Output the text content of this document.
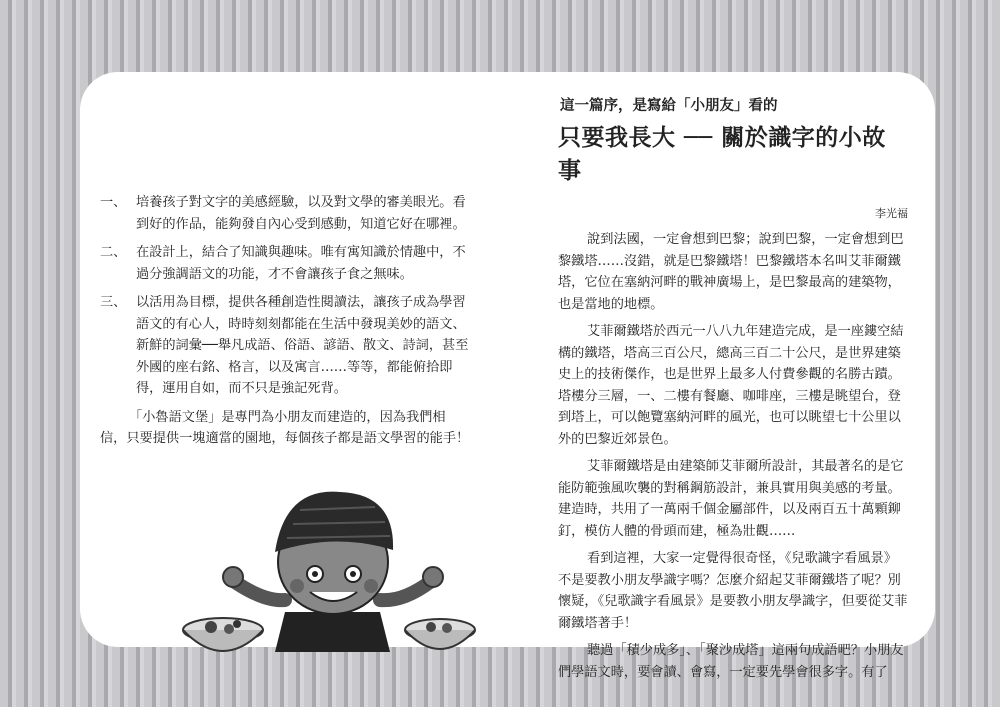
一、 培養孩子對文字的美感經驗，以及對文學的審美眼光。看到好的作品，能夠發自內心受到感動，知道它好在哪裡。
二、 在設計上，結合了知識與趣味。唯有寓知識於情趣中，不過分強調語文的功能，才不會讓孩子食之無味。
三、 以活用為目標，提供各種創造性閱讀法，讓孩子成為學習語文的有心人，時時刻刻都能在生活中發現美妙的語文、新鮮的詞彙──舉凡成語、俗語、諺語、散文、詩詞，甚至外國的座右銘、格言，以及寓言……等等，都能俯拾即得，運用自如，而不只是強記死背。

「小魯語文堡」是專門為小朋友而建造的，因為我們相信，只要提供一塊適當的園地，每個孩子都是語文學習的能手！

這一篇序，是寫給「小朋友」看的

只要我長大 ── 關於識字的小故事

李光福

說到法國，一定會想到巴黎；說到巴黎，一定會想到巴黎鐵塔……沒錯，就是巴黎鐵塔！巴黎鐵塔本名叫艾菲爾鐵塔，它位在塞納河畔的戰神廣場上，是巴黎最高的建築物，也是當地的地標。

艾菲爾鐵塔於西元一八八九年建造完成，是一座鏤空結構的鐵塔，塔高三百公尺，總高三百二十公尺，是世界建築史上的技術傑作，也是世界上最多人付費參觀的名勝古蹟。塔樓分三層，一、二樓有餐廳、咖啡座，三樓是眺望台，登到塔上，可以飽覽塞納河畔的風光，也可以眺望七十公里以外的巴黎近郊景色。

艾菲爾鐵塔是由建築師艾菲爾所設計，其最著名的是它能防範強風吹襲的對稱鋼筋設計，兼具實用與美感的考量。建造時，共用了一萬兩千個金屬部件，以及兩百五十萬顆鉚釘，模仿人體的骨頭而建，極為壯觀……

看到這裡，大家一定覺得很奇怪，《兒歌識字看風景》不是要教小朋友學識字嗎？怎麼介紹起艾菲爾鐵塔了呢？別懷疑，《兒歌識字看風景》是要教小朋友學識字，但要從艾菲爾鐵塔著手！

聽過「積少成多」、「聚沙成塔」這兩句成語吧？小朋友們學語文時，要會讀、會寫，一定要先學會很多字。有了
